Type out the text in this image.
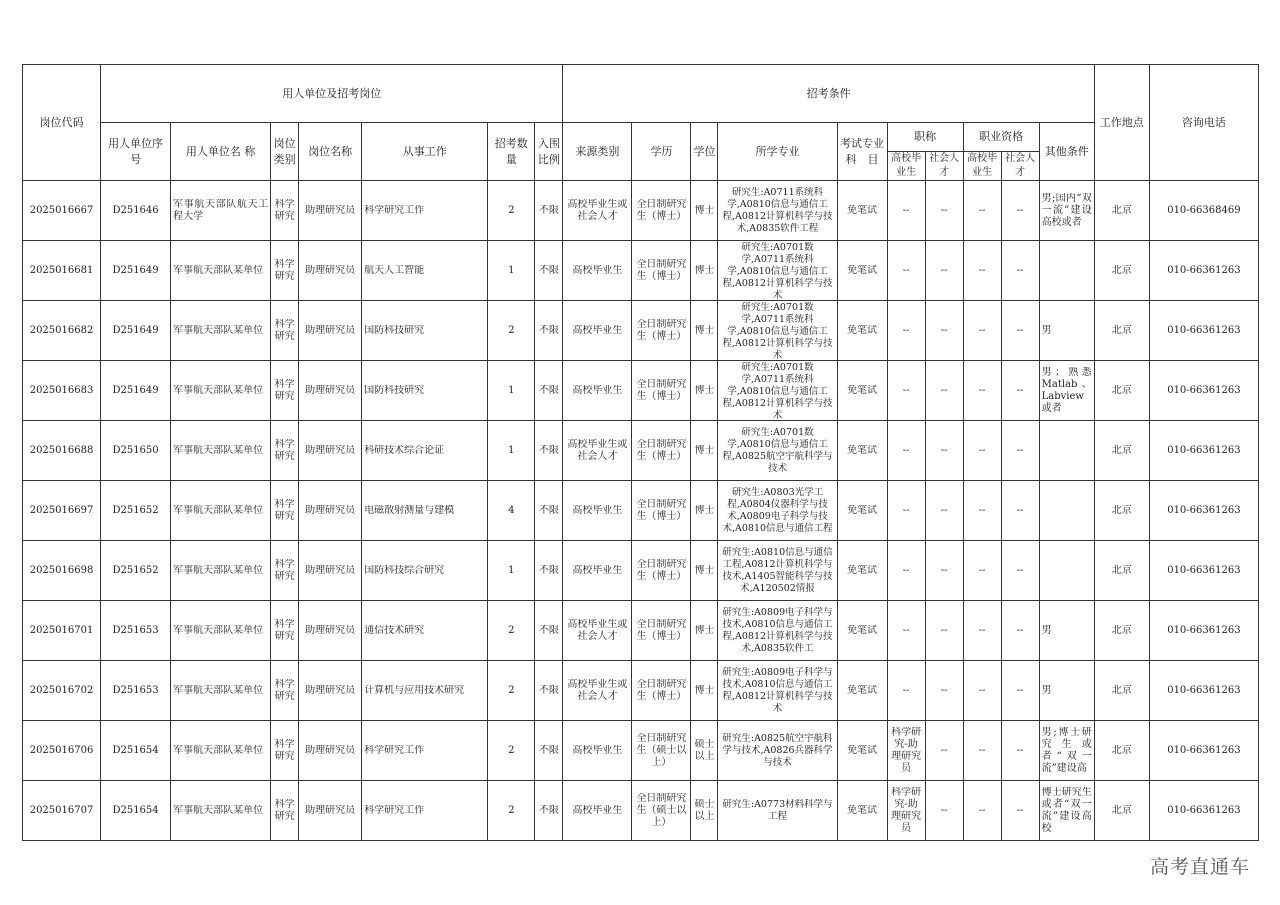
岗位代码	用人单位及招考岗位							招考条件										工作地点	咨询电话
	用人单位序 号	用人单位名 称	岗位类别	岗位名称	从事工作	招考数量	入围比例	来源类别	学历	学位	所学专业	考试专业科　目	职称		职业资格		其他条件		
													高校毕业生	社会人才	高校毕业生	社会人才			

2025016667	D251646	军事航天部队航天工程大学	科学研究	助理研究员	科学研究工作	2	不限	高校毕业生或社会人才	全日制研究生（博士）	博士	研究生:A0711系统科学,A0810信息与通信工程,A0812计算机科学与技术,A0835软件工程	免笔试	--	--	--	--	男;国内“双一流”建设高校或者	北京	010-66368469

2025016681	D251649	军事航天部队某单位	科学研究	助理研究员	航天人工智能	1	不限	高校毕业生	全日制研究生（博士）	博士	研究生:A0701数学,A0711系统科学,A0810信息与通信工程,A0812计算机科学与技术	免笔试	--	--	--	--		北京	010-66361263

2025016682	D251649	军事航天部队某单位	科学研究	助理研究员	国防科技研究	2	不限	高校毕业生	全日制研究生（博士）	博士	研究生:A0701数学,A0711系统科学,A0810信息与通信工程,A0812计算机科学与技术	免笔试	--	--	--	--	男	北京	010-66361263

2025016683	D251649	军事航天部队某单位	科学研究	助理研究员	国防科技研究	1	不限	高校毕业生	全日制研究生（博士）	博士	研究生:A0701数学,A0711系统科学,A0810信息与通信工程,A0812计算机科学与技术	免笔试	--	--	--	--	男；熟悉Matlab、Labview或者	北京	010-66361263

2025016688	D251650	军事航天部队某单位	科学研究	助理研究员	科研技术综合论证	1	不限	高校毕业生或社会人才	全日制研究生（博士）	博士	研究生:A0701数学,A0810信息与通信工程,A0825航空宇航科学与技术	免笔试	--	--	--	--		北京	010-66361263

2025016697	D251652	军事航天部队某单位	科学研究	助理研究员	电磁散射测量与建模	4	不限	高校毕业生	全日制研究生（博士）	博士	研究生:A0803光学工程,A0804仪器科学与技术,A0809电子科学与技术,A0810信息与通信工程	免笔试	--	--	--	--		北京	010-66361263

2025016698	D251652	军事航天部队某单位	科学研究	助理研究员	国防科技综合研究	1	不限	高校毕业生	全日制研究生（博士）	博士	研究生:A0810信息与通信工程,A0812计算机科学与技术,A1405智能科学与技术,A120502情报	免笔试	--	--	--	--		北京	010-66361263

2025016701	D251653	军事航天部队某单位	科学研究	助理研究员	通信技术研究	2	不限	高校毕业生或社会人才	全日制研究生（博士）	博士	研究生:A0809电子科学与技术,A0810信息与通信工程,A0812计算机科学与技术,A0835软件工	免笔试	--	--	--	--	男	北京	010-66361263

2025016702	D251653	军事航天部队某单位	科学研究	助理研究员	计算机与应用技术研究	2	不限	高校毕业生或社会人才	全日制研究生（博士）	博士	研究生:A0809电子科学与技术,A0810信息与通信工程,A0812计算机科学与技术	免笔试	--	--	--	--	男	北京	010-66361263

2025016706	D251654	军事航天部队某单位	科学研究	助理研究员	科学研究工作	2	不限	高校毕业生	全日制研究生（硕士以上）	硕士以上	研究生:A0825航空宇航科学与技术,A0826兵器科学与技术	免笔试	科学研究-助理研究员	--	--	--	男;博士研究生或者“双一流”建设高	北京	010-66361263

2025016707	D251654	军事航天部队某单位	科学研究	助理研究员	科学研究工作	2	不限	高校毕业生	全日制研究生（硕士以上）	硕士以上	研究生:A0773材料科学与工程	免笔试	科学研究-助理研究员	--	--	--	博士研究生或者“双一流”建设高校	北京	010-66361263
高考直通车
